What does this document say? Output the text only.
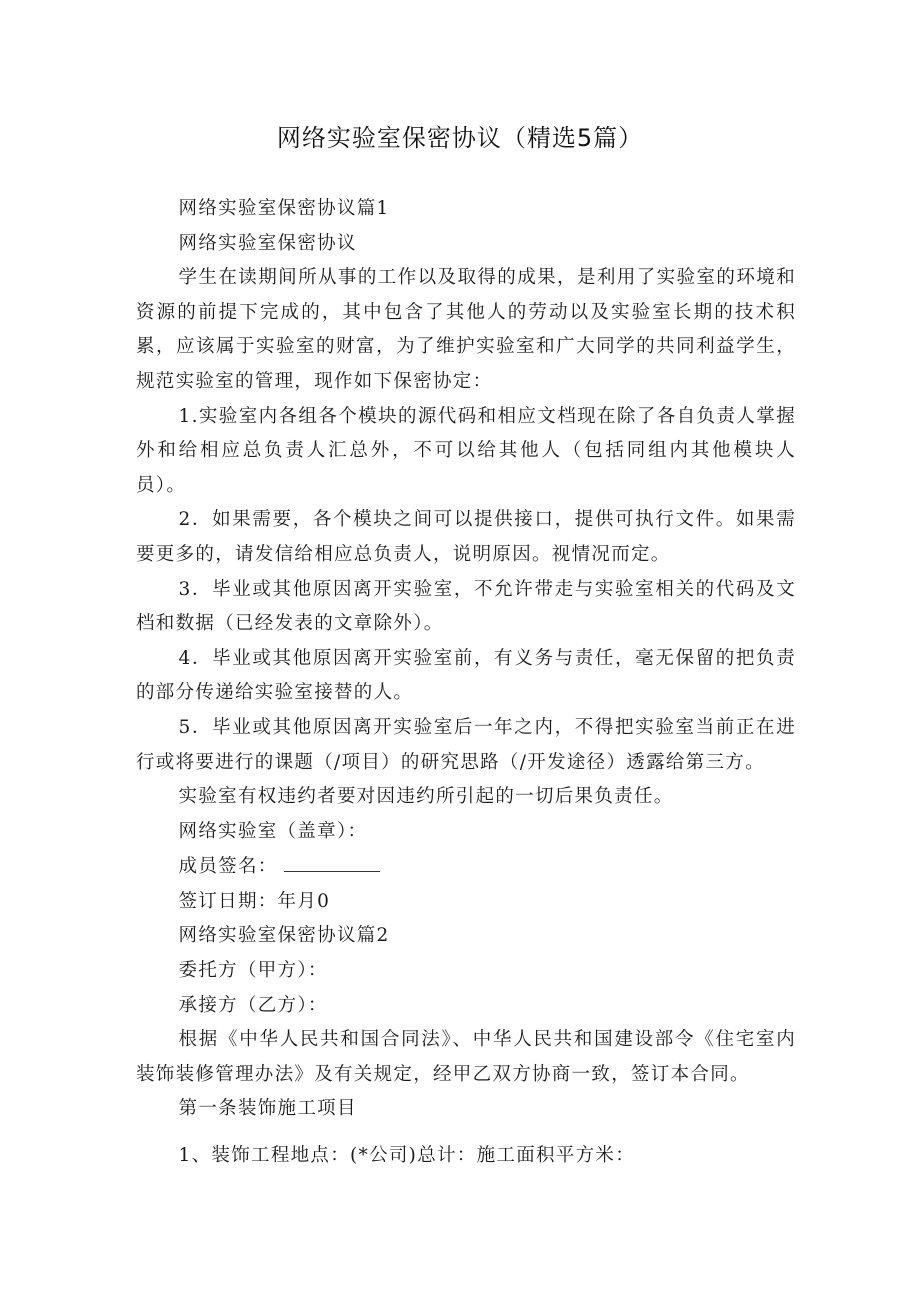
网络实验室保密协议（精选5篇）

网络实验室保密协议篇1

网络实验室保密协议

学生在读期间所从事的工作以及取得的成果，是利用了实验室的环境和资源的前提下完成的，其中包含了其他人的劳动以及实验室长期的技术积累，应该属于实验室的财富，为了维护实验室和广大同学的共同利益学生，规范实验室的管理，现作如下保密协定：

1.实验室内各组各个模块的源代码和相应文档现在除了各自负责人掌握外和给相应总负责人汇总外，不可以给其他人（包括同组内其他模块人员）。

2．如果需要，各个模块之间可以提供接口，提供可执行文件。如果需要更多的，请发信给相应总负责人，说明原因。视情况而定。

3．毕业或其他原因离开实验室，不允许带走与实验室相关的代码及文档和数据（已经发表的文章除外）。

4．毕业或其他原因离开实验室前，有义务与责任，毫无保留的把负责的部分传递给实验室接替的人。

5．毕业或其他原因离开实验室后一年之内，不得把实验室当前正在进行或将要进行的课题（/项目）的研究思路（/开发途径）透露给第三方。

实验室有权违约者要对因违约所引起的一切后果负责任。

网络实验室（盖章）：

成员签名：

签订日期：年月0

网络实验室保密协议篇2

委托方（甲方）：

承接方（乙方）：

根据《中华人民共和国合同法》、中华人民共和国建设部令《住宅室内装饰装修管理办法》及有关规定，经甲乙双方协商一致，签订本合同。

第一条装饰施工项目

1、装饰工程地点：(*公司)总计：施工面积平方米：
